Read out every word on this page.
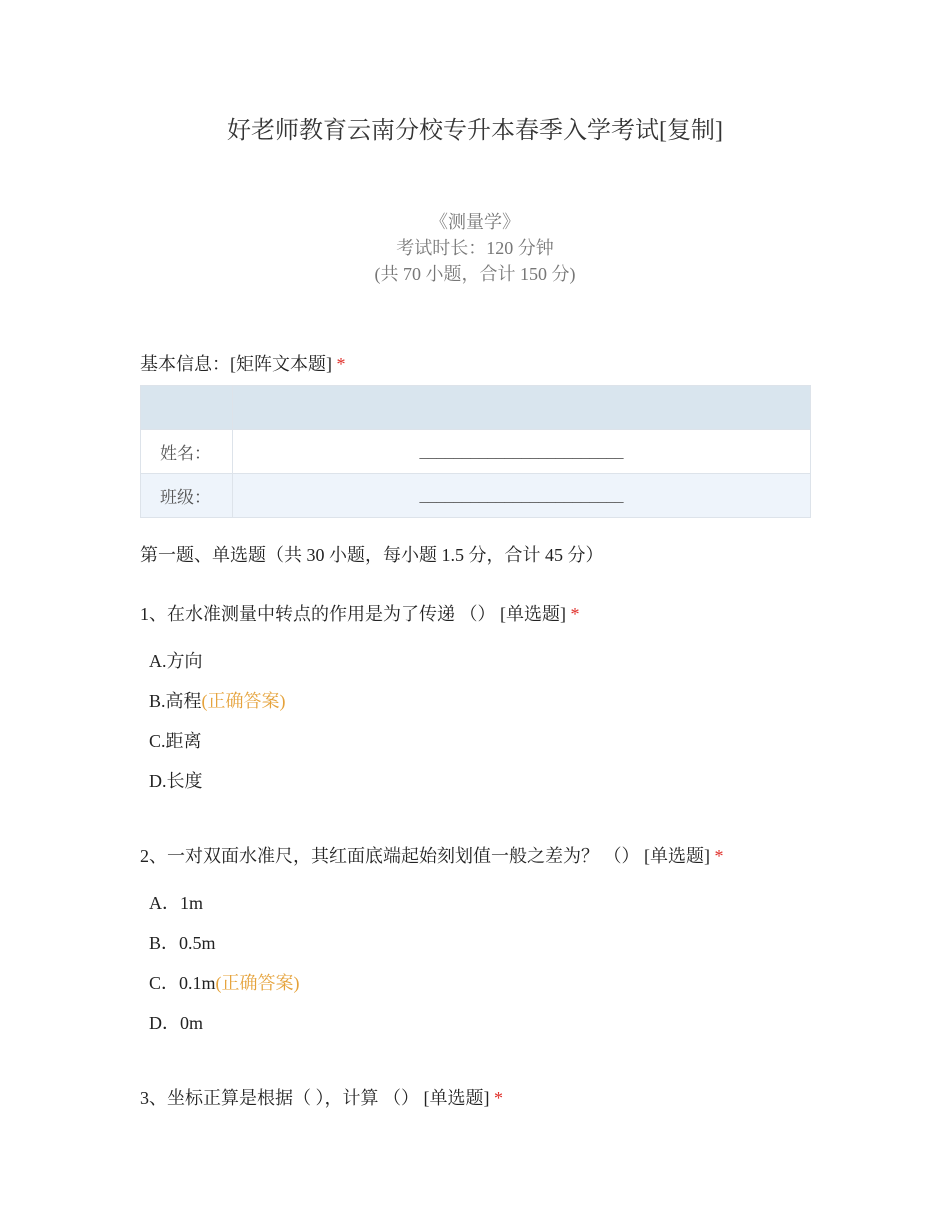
好老师教育云南分校专升本春季入学考试[复制]
《测量学》
考试时长：120 分钟
(共 70 小题，合计 150 分)
基本信息：[矩阵文本题] *

姓名：	________________________
班级：	________________________
第一题、单选题（共 30 小题，每小题 1.5 分，合计 45 分）
1、在水准测量中转点的作用是为了传递 （） [单选题] *
A.方向
B.高程(正确答案)
C.距离
D.长度
2、一对双面水准尺，其红面底端起始刻划值一般之差为？ （） [单选题] *
A．1m
B．0.5m
C．0.1m(正确答案)
D．0m
3、坐标正算是根据（ ），计算 （） [单选题] *
